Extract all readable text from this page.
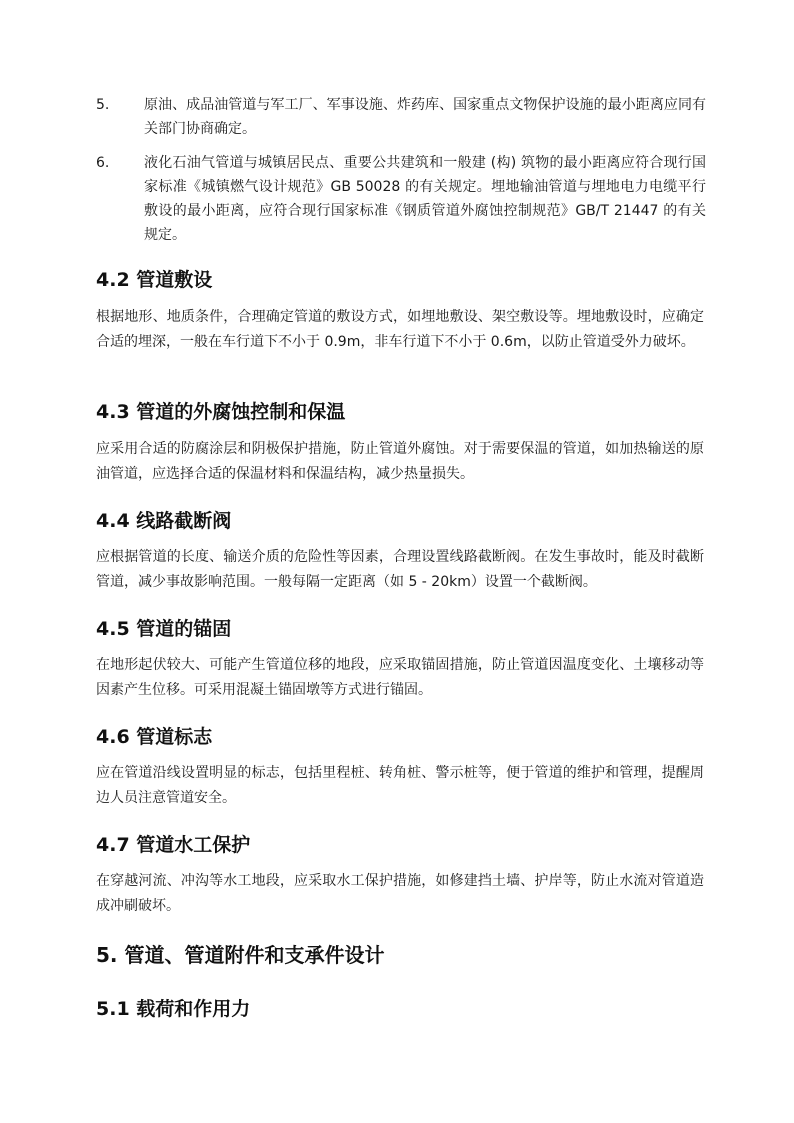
5. 原油、成品油管道与军工厂、军事设施、炸药库、国家重点文物保护设施的最小距离应同有关部门协商确定。
6. 液化石油气管道与城镇居民点、重要公共建筑和一般建 (构) 筑物的最小距离应符合现行国家标准《城镇燃气设计规范》GB 50028 的有关规定。埋地输油管道与埋地电力电缆平行敷设的最小距离，应符合现行国家标准《钢质管道外腐蚀控制规范》GB/T 21447 的有关规定。
4.2 管道敷设

根据地形、地质条件，合理确定管道的敷设方式，如埋地敷设、架空敷设等。埋地敷设时，应确定合适的埋深，一般在车行道下不小于 0.9m，非车行道下不小于 0.6m，以防止管道受外力破坏。

4.3 管道的外腐蚀控制和保温

应采用合适的防腐涂层和阴极保护措施，防止管道外腐蚀。对于需要保温的管道，如加热输送的原油管道，应选择合适的保温材料和保温结构，减少热量损失。

4.4 线路截断阀

应根据管道的长度、输送介质的危险性等因素，合理设置线路截断阀。在发生事故时，能及时截断管道，减少事故影响范围。一般每隔一定距离（如 5 - 20km）设置一个截断阀。

4.5 管道的锚固

在地形起伏较大、可能产生管道位移的地段，应采取锚固措施，防止管道因温度变化、土壤移动等因素产生位移。可采用混凝土锚固墩等方式进行锚固。

4.6 管道标志

应在管道沿线设置明显的标志，包括里程桩、转角桩、警示桩等，便于管道的维护和管理，提醒周边人员注意管道安全。

4.7 管道水工保护

在穿越河流、冲沟等水工地段，应采取水工保护措施，如修建挡土墙、护岸等，防止水流对管道造成冲刷破坏。

5. 管道、管道附件和支承件设计
5.1 载荷和作用力
